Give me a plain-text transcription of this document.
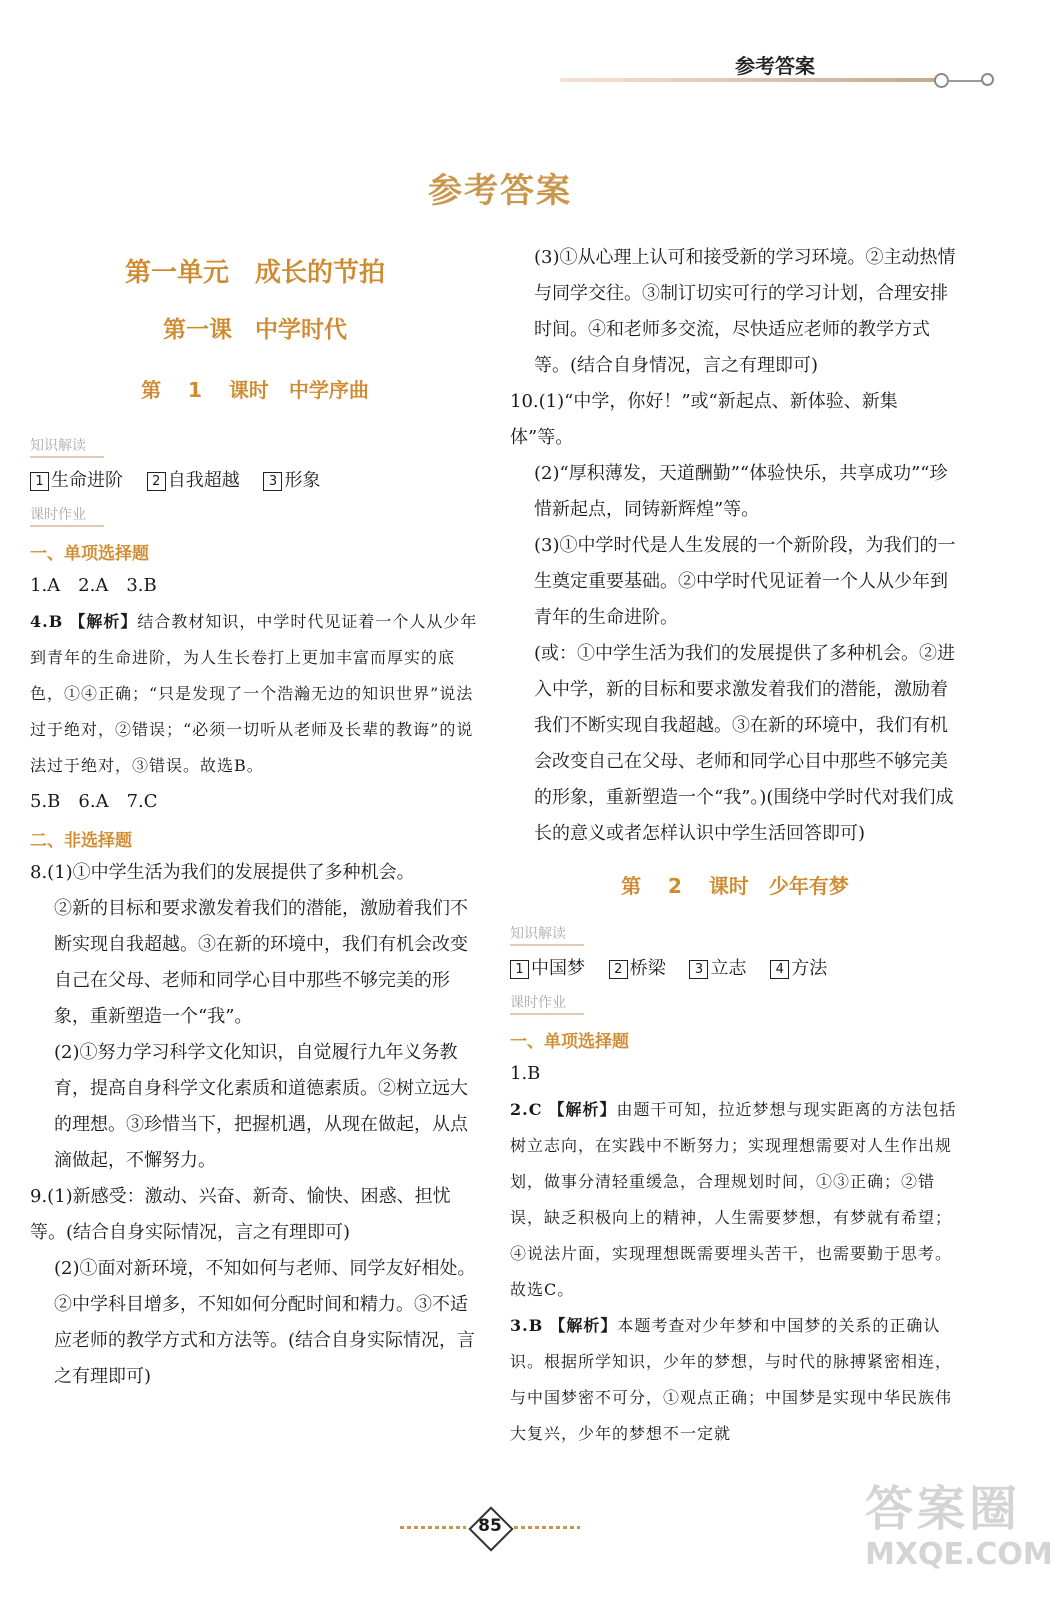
参考答案
参考答案
第一单元　成长的节拍
第一课　中学时代
第 1 课时　中学序曲
知识解读
1 生命进阶 2 自我超越 3 形象
课时作业
一、单项选择题

1.A　2.A　3.B

4.B 【解析】结合教材知识，中学时代见证着一个人从少年到青年的生命进阶，为人生长卷打上更加丰富而厚实的底色，①④正确；“只是发现了一个浩瀚无边的知识世界”说法过于绝对，②错误；“必须一切听从老师及长辈的教诲”的说法过于绝对，③错误。故选B。

5.B　6.A　7.C

二、非选择题

8.(1)①中学生活为我们的发展提供了多种机会。

②新的目标和要求激发着我们的潜能，激励着我们不断实现自我超越。③在新的环境中，我们有机会改变自己在父母、老师和同学心目中那些不够完美的形象，重新塑造一个“我”。

(2)①努力学习科学文化知识，自觉履行九年义务教育，提高自身科学文化素质和道德素质。②树立远大的理想。③珍惜当下，把握机遇，从现在做起，从点滴做起，不懈努力。

9.(1)新感受：激动、兴奋、新奇、愉快、困惑、担忧等。(结合自身实际情况，言之有理即可)

(2)①面对新环境，不知如何与老师、同学友好相处。②中学科目增多，不知如何分配时间和精力。③不适应老师的教学方式和方法等。(结合自身实际情况，言之有理即可)

(3)①从心理上认可和接受新的学习环境。②主动热情与同学交往。③制订切实可行的学习计划，合理安排时间。④和老师多交流，尽快适应老师的教学方式等。(结合自身情况，言之有理即可)

10.(1)“中学，你好！”或“新起点、新体验、新集体”等。

(2)“厚积薄发，天道酬勤”“体验快乐，共享成功”“珍惜新起点，同铸新辉煌”等。

(3)①中学时代是人生发展的一个新阶段，为我们的一生奠定重要基础。②中学时代见证着一个人从少年到青年的生命进阶。

(或：①中学生活为我们的发展提供了多种机会。②进入中学，新的目标和要求激发着我们的潜能，激励着我们不断实现自我超越。③在新的环境中，我们有机会改变自己在父母、老师和同学心目中那些不够完美的形象，重新塑造一个“我”。)(围绕中学时代对我们成长的意义或者怎样认识中学生活回答即可)

第 2 课时　少年有梦
知识解读
1 中国梦 2 桥梁 3 立志 4 方法
课时作业
一、单项选择题

1.B

2.C 【解析】由题干可知，拉近梦想与现实距离的方法包括树立志向，在实践中不断努力；实现理想需要对人生作出规划，做事分清轻重缓急，合理规划时间，①③正确；②错误，缺乏积极向上的精神，人生需要梦想，有梦就有希望；④说法片面，实现理想既需要埋头苦干，也需要勤于思考。故选C。

3.B 【解析】本题考查对少年梦和中国梦的关系的正确认识。根据所学知识，少年的梦想，与时代的脉搏紧密相连，与中国梦密不可分，①观点正确；中国梦是实现中华民族伟大复兴，少年的梦想不一定就

85	答案圈
MXQE.COM
